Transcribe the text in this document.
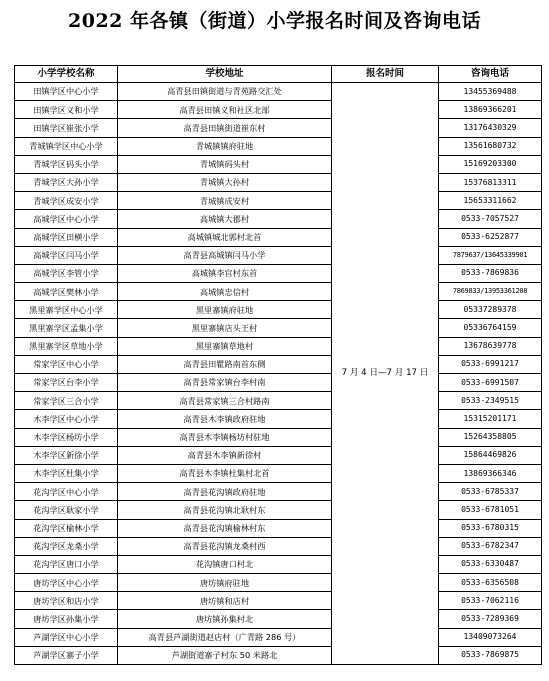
2022 年各镇（街道）小学报名时间及咨询电话
小学学校名称	学校地址	报名时间	咨询电话
田镇学区中心小学	高青县田镇街道与青苑路交汇处	7 月 4 日—7 月 17 日	13455369488
田镇学区义和小学	高青县田镇义和社区北部		13869366201
田镇学区崔张小学	高青县田镇街道崔东村		13176430329
青城镇学区中心小学	青城镇镇府驻地		13561680732
青城学区码头小学	青城镇码头村		15169203300
青城学区大孙小学	青城镇大孙村		15376813311
青城学区成安小学	青城镇成安村		15653311662
高城学区中心小学	高城镇大郡村		0533-7057527
高城学区田横小学	高城镇城北郭村北首		0533-6252877
高城学区闫马小学	高青县高城镇闫马小学		7879637/13645339901
高城学区李管小学	高城镇李官村东首		0533-7869836
高城学区樊林小学	高城镇忠信村		7869833/13953361208
黑里寨学区中心小学	黑里寨镇府驻地		05337289378
黑里寨学区孟集小学	黑里寨镇店头王村		05336764159
黑里寨学区草地小学	黑里寨镇草地村		13678639778
常家学区中心小学	高青县田瞿路南首东侧		0533-6991217
常家学区台李小学	高青县常家镇台李村南		0533-6991507
常家学区三合小学	高青县常家镇三合村路南		0533-2349515
木李学区中心小学	高青县木李镇政府驻地		15315201171
木李学区杨坊小学	高青县木李镇杨坊村驻地		15264358805
木李学区新徐小学	高青县木李镇新徐村		15864469826
木李学区杜集小学	高青县木李镇杜集村北首		13869366346
花沟学区中心小学	高青县花沟镇政府驻地		0533-6785337
花沟学区耿家小学	高青县花沟镇北耿村东		0533-6781051
花沟学区榆林小学	高青县花沟镇榆林村东		0533-6780315
花沟学区龙桑小学	高青县花沟镇龙桑村西		0533-6782347
花沟学区唐口小学	花沟镇唐口村北		0533-6330487
唐坊学区中心小学	唐坊镇府驻地		0533-6356508
唐坊学区和店小学	唐坊镇和店村		0533-7062116
唐坊学区孙集小学	唐坊镇孙集村北		0533-7289369
芦湖学区中心小学	高青县芦湖街道赵店村（广青路 286 号）		13409073264
芦湖学区寨子小学	芦湖街道寨子村东 50 米路北		0533-7869875
